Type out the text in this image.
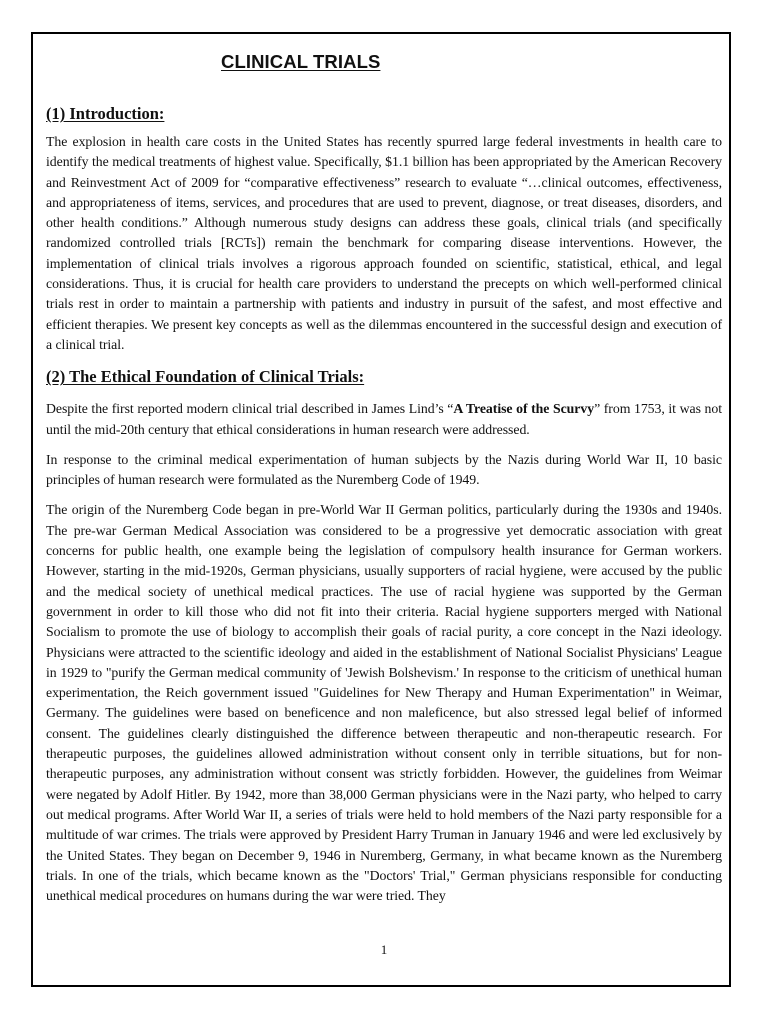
CLINICAL TRIALS
(1) Introduction:

The explosion in health care costs in the United States has recently spurred large federal investments in health care to identify the medical treatments of highest value. Specifically, $1.1 billion has been appropriated by the American Recovery and Reinvestment Act of 2009 for “comparative effectiveness” research to evaluate “…clinical outcomes, effectiveness, and appropriateness of items, services, and procedures that are used to prevent, diagnose, or treat diseases, disorders, and other health conditions.” Although numerous study designs can address these goals, clinical trials (and specifically randomized controlled trials [RCTs]) remain the benchmark for comparing disease interventions. However, the implementation of clinical trials involves a rigorous approach founded on scientific, statistical, ethical, and legal considerations. Thus, it is crucial for health care providers to understand the precepts on which well-performed clinical trials rest in order to maintain a partnership with patients and industry in pursuit of the safest, and most effective and efficient therapies. We present key concepts as well as the dilemmas encountered in the successful design and execution of a clinical trial.

(2) The Ethical Foundation of Clinical Trials:

Despite the first reported modern clinical trial described in James Lind’s “A Treatise of the Scurvy” from 1753, it was not until the mid-20th century that ethical considerations in human research were addressed.

In response to the criminal medical experimentation of human subjects by the Nazis during World War II, 10 basic principles of human research were formulated as the Nuremberg Code of 1949.

The origin of the Nuremberg Code began in pre-World War II German politics, particularly during the 1930s and 1940s. The pre-war German Medical Association was considered to be a progressive yet democratic association with great concerns for public health, one example being the legislation of compulsory health insurance for German workers. However, starting in the mid-1920s, German physicians, usually supporters of racial hygiene, were accused by the public and the medical society of unethical medical practices. The use of racial hygiene was supported by the German government in order to kill those who did not fit into their criteria. Racial hygiene supporters merged with National Socialism to promote the use of biology to accomplish their goals of racial purity, a core concept in the Nazi ideology. Physicians were attracted to the scientific ideology and aided in the establishment of National Socialist Physicians' League in 1929 to "purify the German medical community of 'Jewish Bolshevism.' In response to the criticism of unethical human experimentation, the Reich government issued "Guidelines for New Therapy and Human Experimentation" in Weimar, Germany. The guidelines were based on beneficence and non maleficence, but also stressed legal belief of informed consent. The guidelines clearly distinguished the difference between therapeutic and non-therapeutic research. For therapeutic purposes, the guidelines allowed administration without consent only in terrible situations, but for non-therapeutic purposes, any administration without consent was strictly forbidden. However, the guidelines from Weimar were negated by Adolf Hitler. By 1942, more than 38,000 German physicians were in the Nazi party, who helped to carry out medical programs. After World War II, a series of trials were held to hold members of the Nazi party responsible for a multitude of war crimes. The trials were approved by President Harry Truman in January 1946 and were led exclusively by the United States. They began on December 9, 1946 in Nuremberg, Germany, in what became known as the Nuremberg trials. In one of the trials, which became known as the "Doctors' Trial," German physicians responsible for conducting unethical medical procedures on humans during the war were tried. They

1
